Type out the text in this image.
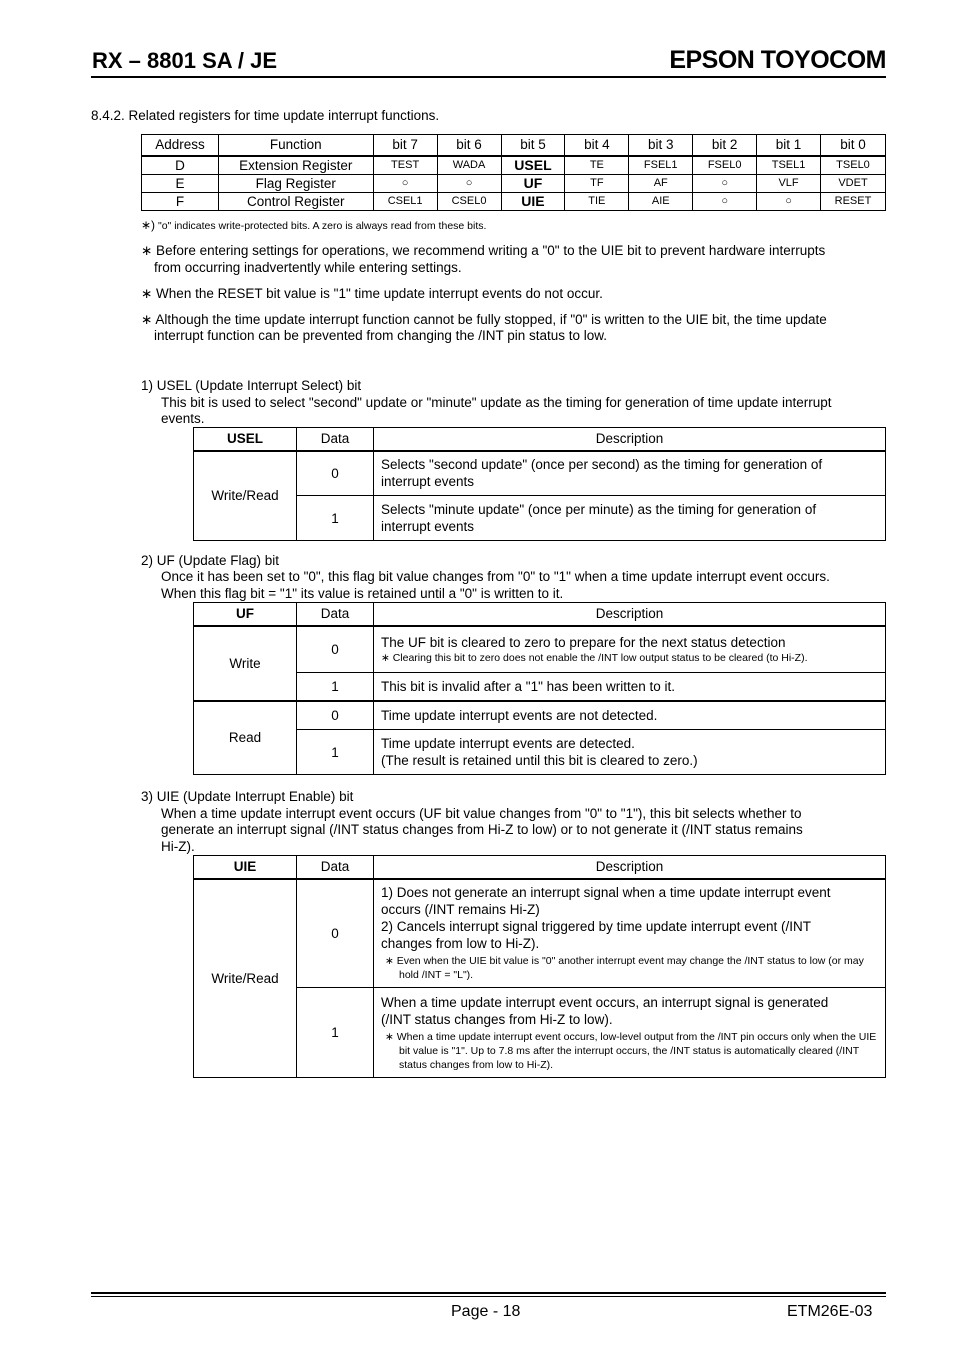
RX – 8801 SA / JE	EPSON TOYOCOM
8.4.2. Related registers for time update interrupt functions.
Address	Function	bit 7	bit 6	bit 5	bit 4	bit 3	bit 2	bit 1	bit 0
D	Extension Register	TEST	WADA	USEL	TE	FSEL1	FSEL0	TSEL1	TSEL0
E	Flag Register	○	○	UF	TF	AF	○	VLF	VDET
F	Control Register	CSEL1	CSEL0	UIE	TIE	AIE	○	○	RESET
∗) "o" indicates write-protected bits. A zero is always read from these bits.
∗ Before entering settings for operations, we recommend writing a "0" to the UIE bit to prevent hardware interrupts
from occurring inadvertently while entering settings.
∗ When the RESET bit value is "1" time update interrupt events do not occur.
∗ Although the time update interrupt function cannot be fully stopped, if "0" is written to the UIE bit, the time update
interrupt function can be prevented from changing the /INT pin status to low.
1) USEL (Update Interrupt Select) bit
This bit is used to select "second" update or "minute" update as the timing for generation of time update interrupt
events.
USEL	Data	Description
Write/Read	0	Selects "second update" (once per second) as the timing for generation of
interrupt events

	1	Selects "minute update" (once per minute) as the timing for generation of
interrupt events
2) UF (Update Flag) bit
Once it has been set to "0", this flag bit value changes from "0" to "1" when a time update interrupt event occurs.
When this flag bit = "1" its value is retained until a "0" is written to it.
UF	Data	Description
Write	0	The UF bit is cleared to zero to prepare for the next status detection
∗ Clearing this bit to zero does not enable the /INT low output status to be cleared (to Hi-Z).

	1	This bit is invalid after a "1" has been written to it.
Read	0	Time update interrupt events are not detected.
	1	Time update interrupt events are detected.
(The result is retained until this bit is cleared to zero.)
3) UIE (Update Interrupt Enable) bit
When a time update interrupt event occurs (UF bit value changes from "0" to "1"), this bit selects whether to
generate an interrupt signal (/INT status changes from Hi-Z to low) or to not generate it (/INT status remains
Hi-Z).
UIE	Data	Description
Write/Read	0	1) Does not generate an interrupt signal when a time update interrupt event
occurs (/INT remains Hi-Z)
2) Cancels interrupt signal triggered by time update interrupt event (/INT
changes from low to Hi-Z).
∗ Even when the UIE bit value is "0" another interrupt event may change the /INT status to low (or may hold /INT = "L").

	1	When a time update interrupt event occurs, an interrupt signal is generated
(/INT status changes from Hi-Z to low).
∗ When a time update interrupt event occurs, low-level output from the /INT pin occurs only when the UIE bit value is "1". Up to 7.8 ms after the interrupt occurs, the /INT status is automatically cleared (/INT status changes from low to Hi-Z).
Page - 18	ETM26E-03
